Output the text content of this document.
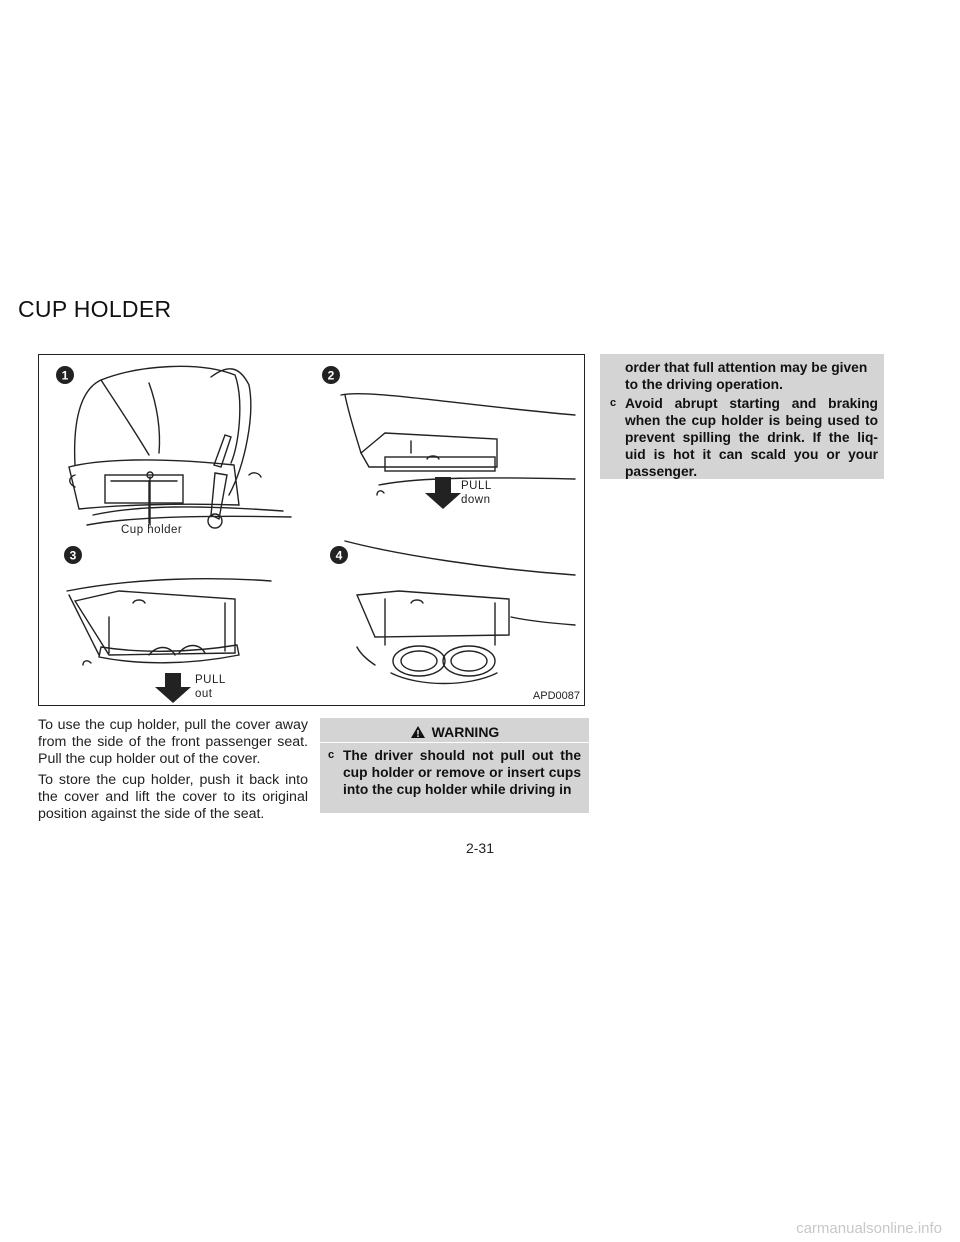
CUP HOLDER
1	2
3	4
Cup holder
PULL
down
PULL
out	APD0087

To use the cup holder, pull the cover away from the side of the front passenger seat. Pull the cup holder out of the cover.

To store the cup holder, push it back into the cover and lift the cover to its original position against the side of the seat.

WARNING

c The driver should not pull out the cup holder or remove or insert cups into the cup holder while driving in

order that full attention may be given to the driving operation.

c Avoid abrupt starting and braking when the cup holder is being used to prevent spilling the drink. If the liq- uid is hot it can scald you or your passenger.

2-31
carmanualsonline.info
